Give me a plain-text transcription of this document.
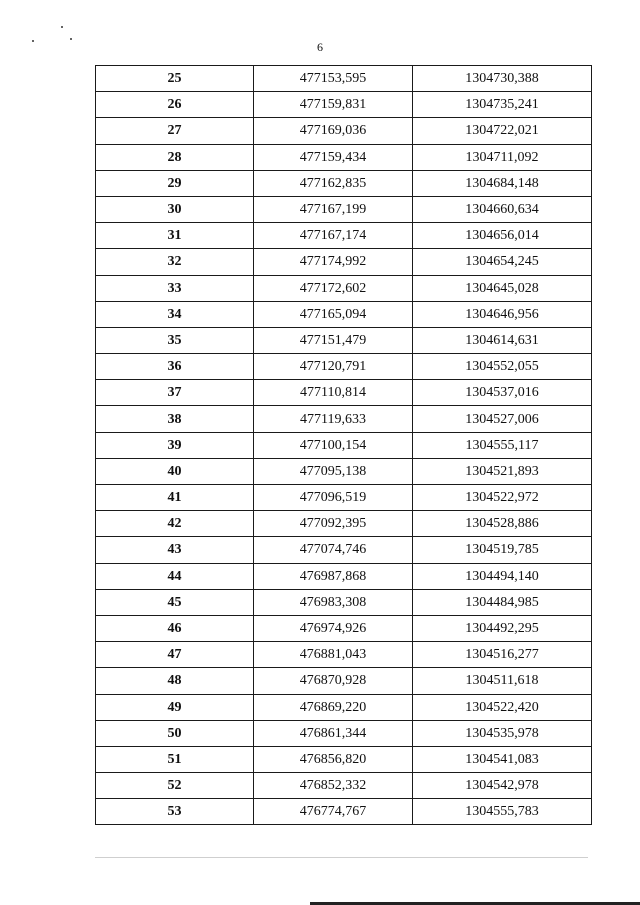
6
25	477153,595	1304730,388
26	477159,831	1304735,241
27	477169,036	1304722,021
28	477159,434	1304711,092
29	477162,835	1304684,148
30	477167,199	1304660,634
31	477167,174	1304656,014
32	477174,992	1304654,245
33	477172,602	1304645,028
34	477165,094	1304646,956
35	477151,479	1304614,631
36	477120,791	1304552,055
37	477110,814	1304537,016
38	477119,633	1304527,006
39	477100,154	1304555,117
40	477095,138	1304521,893
41	477096,519	1304522,972
42	477092,395	1304528,886
43	477074,746	1304519,785
44	476987,868	1304494,140
45	476983,308	1304484,985
46	476974,926	1304492,295
47	476881,043	1304516,277
48	476870,928	1304511,618
49	476869,220	1304522,420
50	476861,344	1304535,978
51	476856,820	1304541,083
52	476852,332	1304542,978
53	476774,767	1304555,783
